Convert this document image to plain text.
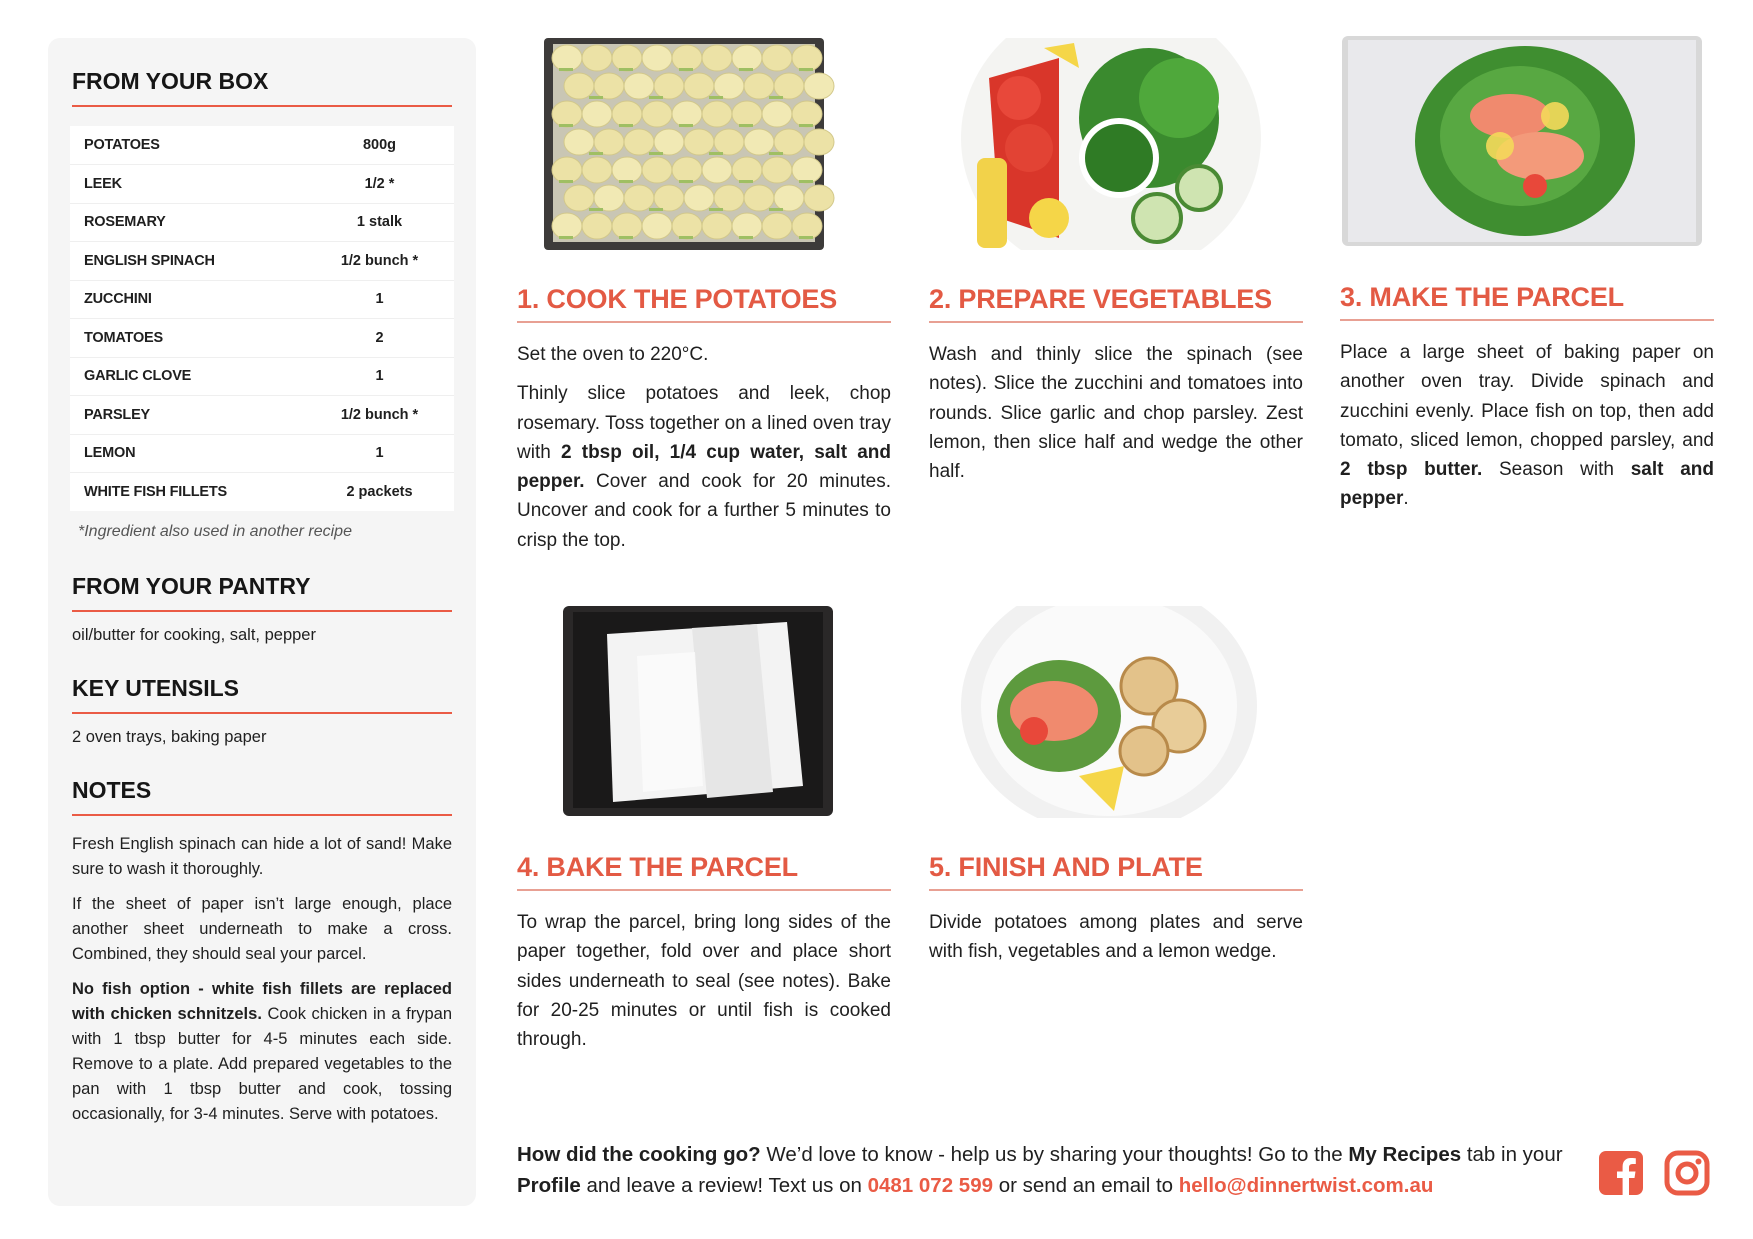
FROM YOUR BOX
POTATOES	800g
LEEK	1/2 *
ROSEMARY	1 stalk
ENGLISH SPINACH	1/2 bunch *
ZUCCHINI	1
TOMATOES	2
GARLIC CLOVE	1
PARSLEY	1/2 bunch *
LEMON	1
WHITE FISH FILLETS	2 packets
*Ingredient also used in another recipe
FROM YOUR PANTRY
oil/butter for cooking, salt, pepper
KEY UTENSILS
2 oven trays, baking paper
NOTES

Fresh English spinach can hide a lot of sand! Make sure to wash it thoroughly.

If the sheet of paper isn’t large enough, place another sheet underneath to make a cross. Combined, they should seal your parcel.

No fish option - white fish fillets are replaced with chicken schnitzels. Cook chicken in a frypan with 1 tbsp butter for 4-5 minutes each side. Remove to a plate. Add prepared vegetables to the pan with 1 tbsp butter and cook, tossing occasionally, for 3-4 minutes. Serve with potatoes.

1. COOK THE POTATOES

Set the oven to 220°C.

Thinly slice potatoes and leek, chop rosemary. Toss together on a lined oven tray with 2 tbsp oil, 1/4 cup water, salt and pepper. Cover and cook for 20 minutes. Uncover and cook for a further 5 minutes to crisp the top.

2. PREPARE VEGETABLES

Wash and thinly slice the spinach (see notes). Slice the zucchini and tomatoes into rounds. Slice garlic and chop parsley. Zest lemon, then slice half and wedge the other half.

3. MAKE THE PARCEL

Place a large sheet of baking paper on another oven tray. Divide spinach and zucchini evenly. Place fish on top, then add tomato, sliced lemon, chopped parsley, and 2 tbsp butter. Season with salt and pepper.

4. BAKE THE PARCEL

To wrap the parcel, bring long sides of the paper together, fold over and place short sides underneath to seal (see notes). Bake for 20-25 minutes or until fish is cooked through.

5. FINISH AND PLATE

Divide potatoes among plates and serve with fish, vegetables and a lemon wedge.

How did the cooking go? We’d love to know - help us by sharing your thoughts! Go to the My Recipes tab in your Profile and leave a review! Text us on 0481 072 599 or send an email to hello@dinnertwist.com.au
